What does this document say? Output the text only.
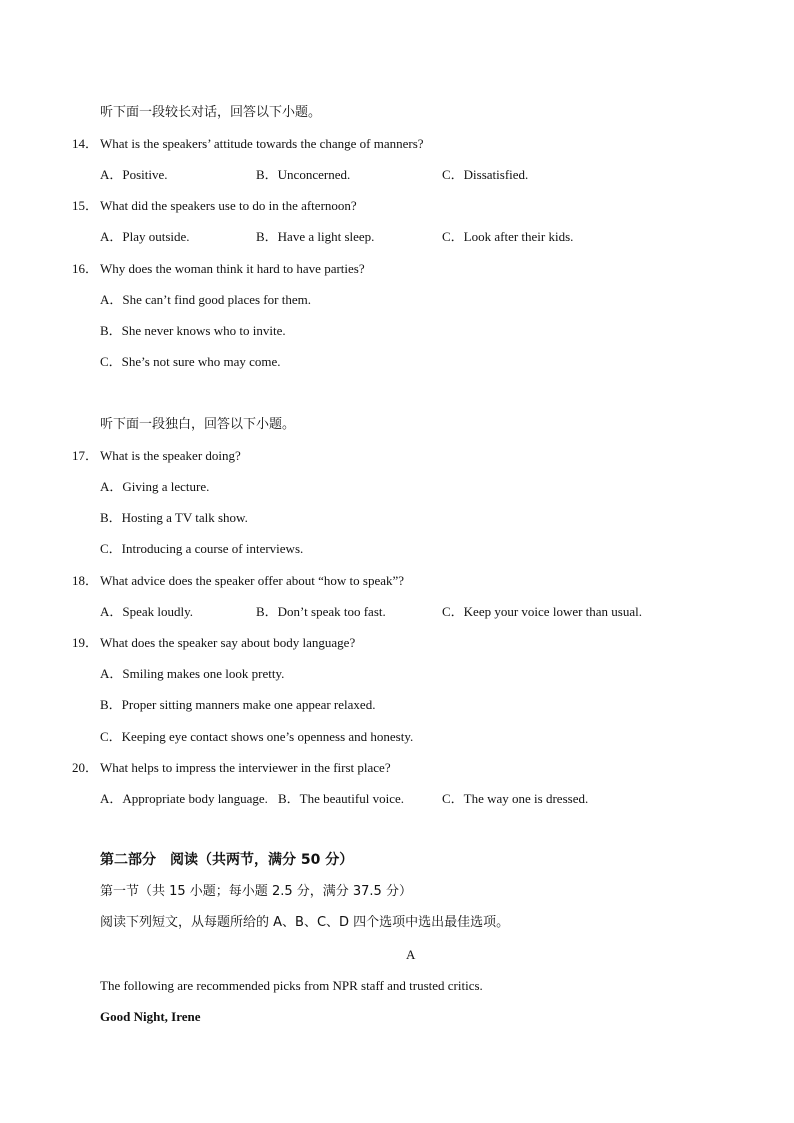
听下面一段较长对话，回答以下小题。
14． What is the speakers’ attitude towards the change of manners?
A．Positive.	B．Unconcerned.	C．Dissatisfied.
15． What did the speakers use to do in the afternoon?
A．Play outside.	B．Have a light sleep.	C．Look after their kids.
16． Why does the woman think it hard to have parties?
A．She can’t find good places for them.
B．She never knows who to invite.
C．She’s not sure who may come.
听下面一段独白，回答以下小题。
17． What is the speaker doing?
A．Giving a lecture.
B．Hosting a TV talk show.
C．Introducing a course of interviews.
18． What advice does the speaker offer about “how to speak”?
A．Speak loudly.	B．Don’t speak too fast.	C．Keep your voice lower than usual.
19． What does the speaker say about body language?
A．Smiling makes one look pretty.
B．Proper sitting manners make one appear relaxed.
C．Keeping eye contact shows one’s openness and honesty.
20． What helps to impress the interviewer in the first place?
A．Appropriate body language. B．The beautiful voice.	C．The way one is dressed.
第二部分　阅读（共两节，满分 50 分）
第一节（共 15 小题；每小题 2.5 分，满分 37.5 分）
阅读下列短文，从每题所给的 A、B、C、D 四个选项中选出最佳选项。
A
The following are recommended picks from NPR staff and trusted critics.
Good Night, Irene
